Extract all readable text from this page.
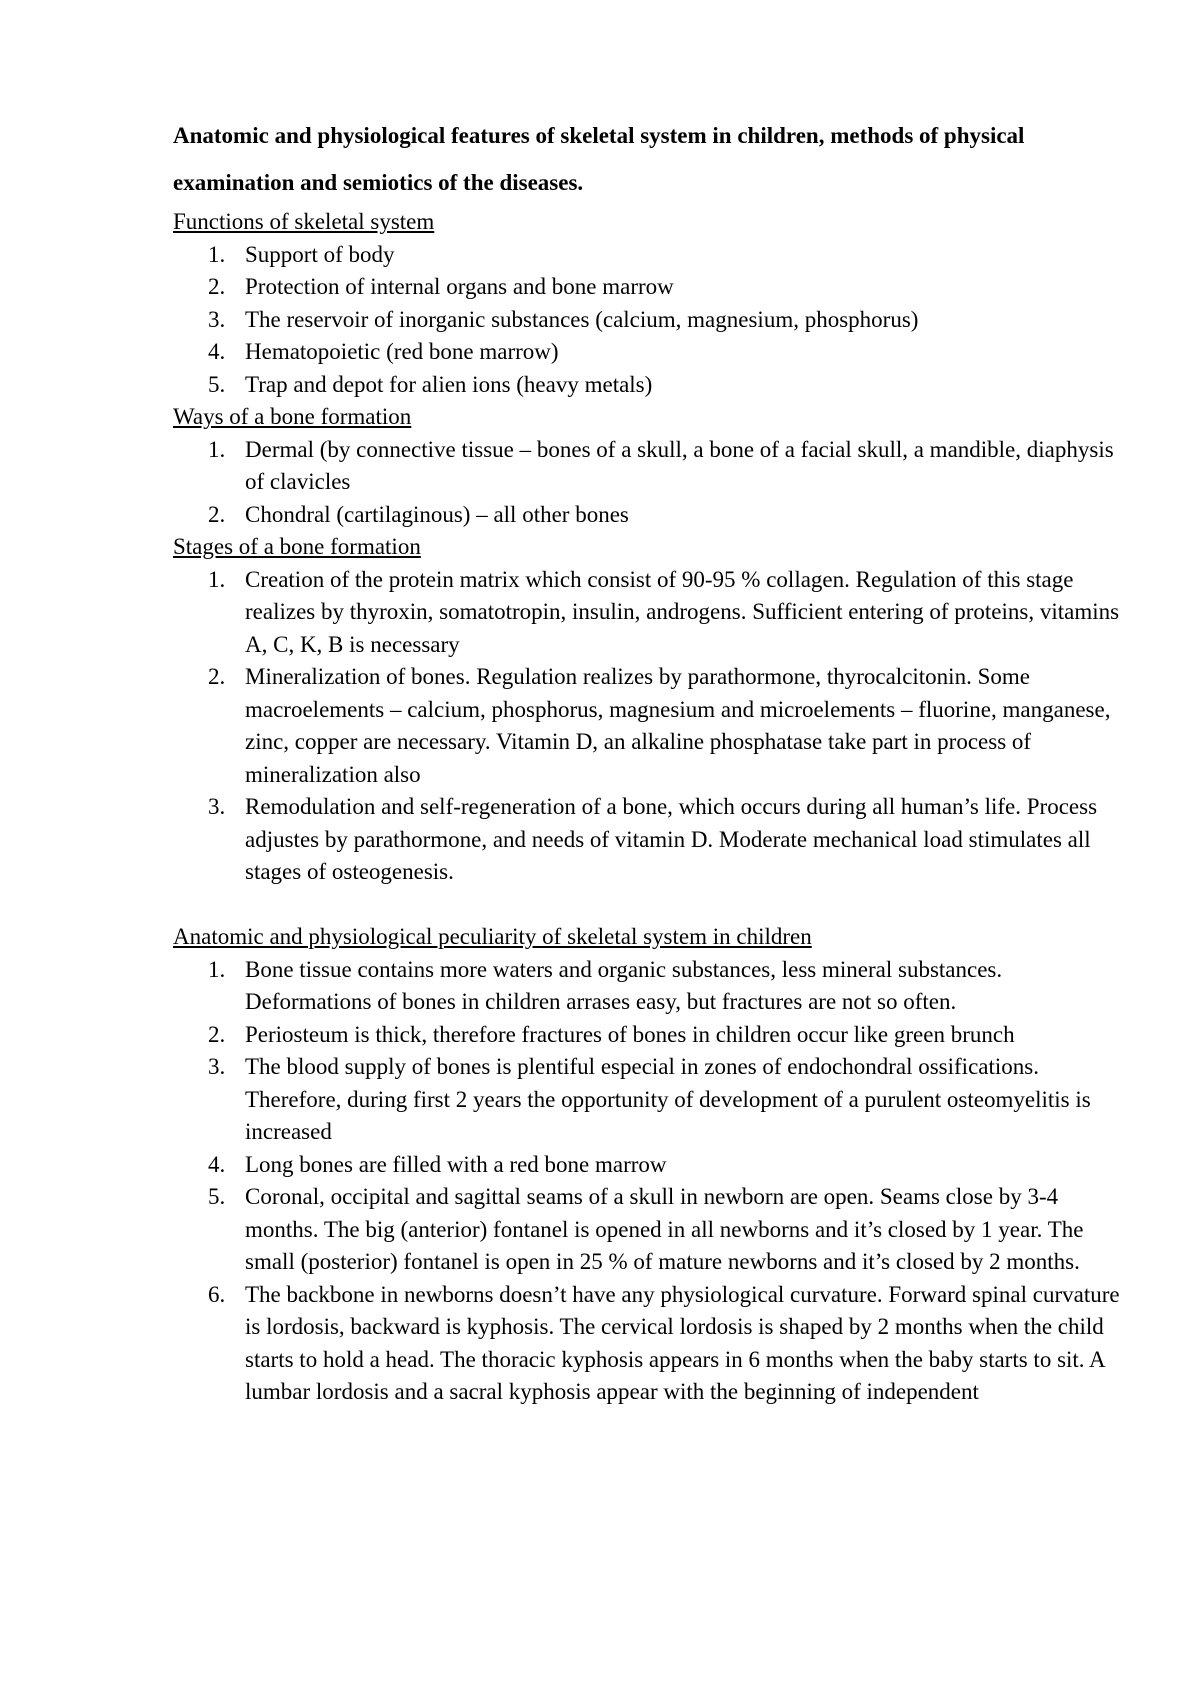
Anatomic and physiological features of skeletal system in children, methods of physical examination and semiotics of the diseases.

Functions of skeletal system

1. Support of body
2. Protection of internal organs and bone marrow
3. The reservoir of inorganic substances (calcium, magnesium, phosphorus)
4. Hematopoietic (red bone marrow)
5. Trap and depot for alien ions (heavy metals)

Ways of a bone formation

1. Dermal (by connective tissue – bones of a skull, a bone of a facial skull, a mandible, diaphysis of clavicles
2. Chondral (cartilaginous) – all other bones

Stages of a bone formation

1. Creation of the protein matrix which consist of 90-95 % collagen. Regulation of this stage realizes by thyroxin, somatotropin, insulin, androgens. Sufficient entering of proteins, vitamins A, C, K, B is necessary
2. Mineralization of bones. Regulation realizes by parathormone, thyrocalcitonin. Some macroelements – calcium, phosphorus, magnesium and microelements – fluorine, manganese, zinc, copper are necessary. Vitamin D, an alkaline phosphatase take part in process of mineralization also
3. Remodulation and self-regeneration of a bone, which occurs during all human’s life. Process adjustes by parathormone, and needs of vitamin D. Moderate mechanical load stimulates all stages of osteogenesis.

Anatomic and physiological peculiarity of skeletal system in children

1. Bone tissue contains more waters and organic substances, less mineral substances. Deformations of bones in children arrases easy, but fractures are not so often.
2. Periosteum is thick, therefore fractures of bones in children occur like green brunch
3. The blood supply of bones is plentiful especial in zones of endochondral ossifications. Therefore, during first 2 years the opportunity of development of a purulent osteomyelitis is increased
4. Long bones are filled with a red bone marrow
5. Coronal, occipital and sagittal seams of a skull in newborn are open. Seams close by 3-4 months. The big (anterior) fontanel is opened in all newborns and it’s closed by 1 year. The small (posterior) fontanel is open in 25 % of mature newborns and it’s closed by 2 months.
6. The backbone in newborns doesn’t have any physiological curvature. Forward spinal curvature is lordosis, backward is kyphosis. The cervical lordosis is shaped by 2 months when the child starts to hold a head. The thoracic kyphosis appears in 6 months when the baby starts to sit. A lumbar lordosis and a sacral kyphosis appear with the beginning of independent
